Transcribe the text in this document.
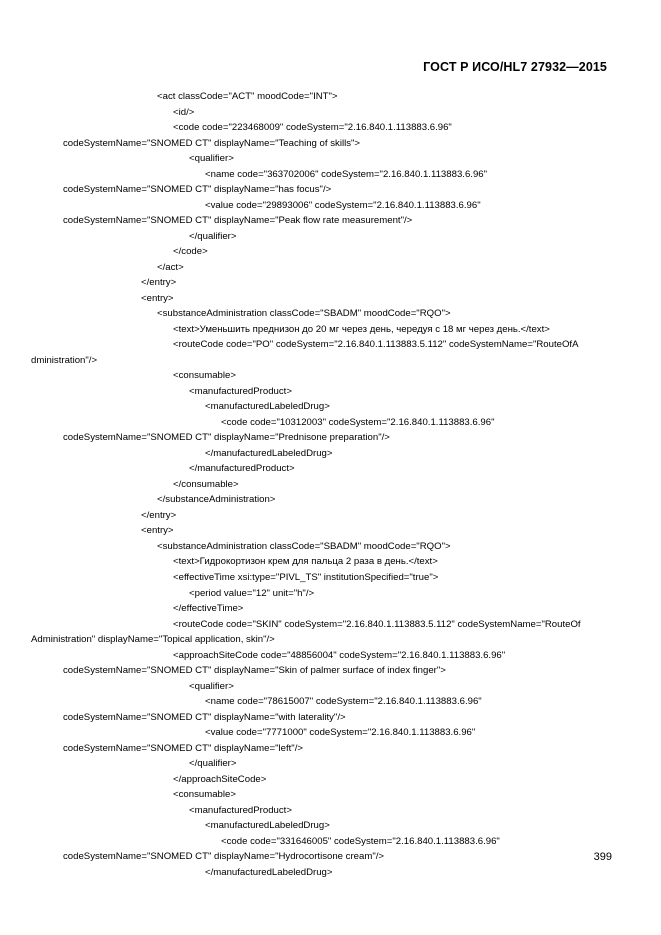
ГОСТ Р ИСО/HL7 27932—2015
<act classCode="ACT" moodCode="INT">
<id/>
<code code="223468009" codeSystem="2.16.840.1.113883.6.96"
codeSystemName="SNOMED CT" displayName="Teaching of skills">
<qualifier>
<name code="363702006" codeSystem="2.16.840.1.113883.6.96"
codeSystemName="SNOMED CT" displayName="has focus"/>
<value code="29893006" codeSystem="2.16.840.1.113883.6.96"
codeSystemName="SNOMED CT" displayName="Peak flow rate measurement"/>
</qualifier>
</code>
</act>
</entry>
<entry>
<substanceAdministration classCode="SBADM" moodCode="RQO">
<text>Уменьшить преднизон до 20 мг через день, чередуя с 18 мг через день.</text>
<routeCode code="PO" codeSystem="2.16.840.1.113883.5.112" codeSystemName="RouteOfA
dministration"/>
<consumable>
<manufacturedProduct>
<manufacturedLabeledDrug>
<code code="10312003" codeSystem="2.16.840.1.113883.6.96"
codeSystemName="SNOMED CT" displayName="Prednisone preparation"/>
</manufacturedLabeledDrug>
</manufacturedProduct>
</consumable>
</substanceAdministration>
</entry>
<entry>
<substanceAdministration classCode="SBADM" moodCode="RQO">
<text>Гидрокортизон крем для пальца 2 раза в день.</text>
<effectiveTime xsi:type="PIVL_TS" institutionSpecified="true">
<period value="12" unit="h"/>
</effectiveTime>
<routeCode code="SKIN" codeSystem="2.16.840.1.113883.5.112" codeSystemName="RouteOf
Administration" displayName="Topical application, skin"/>
<approachSiteCode code="48856004" codeSystem="2.16.840.1.113883.6.96"
codeSystemName="SNOMED CT" displayName="Skin of palmer surface of index finger">
<qualifier>
<name code="78615007" codeSystem="2.16.840.1.113883.6.96"
codeSystemName="SNOMED CT" displayName="with laterality"/>
<value code="7771000" codeSystem="2.16.840.1.113883.6.96"
codeSystemName="SNOMED CT" displayName="left"/>
</qualifier>
</approachSiteCode>
<consumable>
<manufacturedProduct>
<manufacturedLabeledDrug>
<code code="331646005" codeSystem="2.16.840.1.113883.6.96"
codeSystemName="SNOMED CT" displayName="Hydrocortisone cream"/>
</manufacturedLabeledDrug>
399
